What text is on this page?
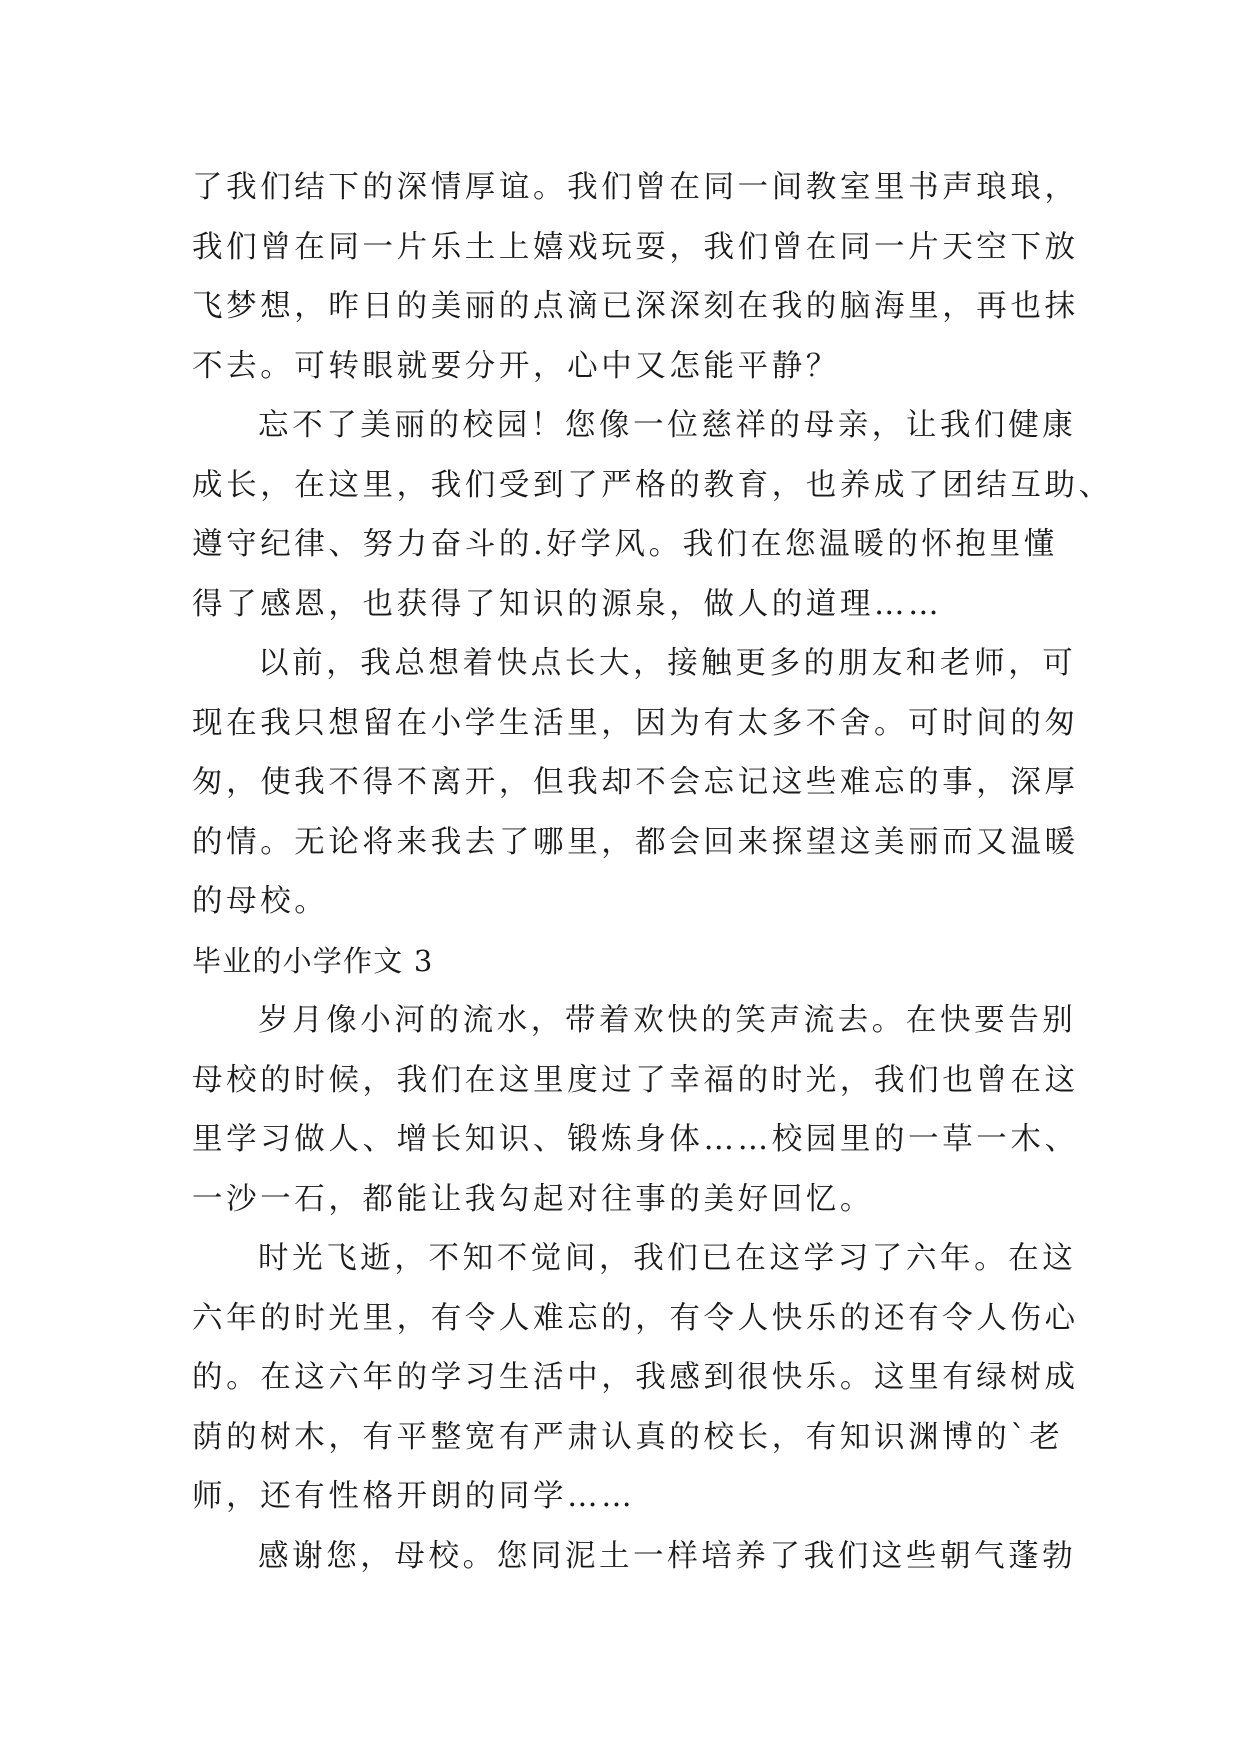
了我们结下的深情厚谊。我们曾在同一间教室里书声琅琅，
我们曾在同一片乐土上嬉戏玩耍，我们曾在同一片天空下放
飞梦想，昨日的美丽的点滴已深深刻在我的脑海里，再也抹
不去。可转眼就要分开，心中又怎能平静？
忘不了美丽的校园！您像一位慈祥的母亲，让我们健康
成长，在这里，我们受到了严格的教育，也养成了团结互助、
遵守纪律、努力奋斗的.好学风。我们在您温暖的怀抱里懂
得了感恩，也获得了知识的源泉，做人的道理……
以前，我总想着快点长大，接触更多的朋友和老师，可
现在我只想留在小学生活里，因为有太多不舍。可时间的匆
匆，使我不得不离开，但我却不会忘记这些难忘的事，深厚
的情。无论将来我去了哪里，都会回来探望这美丽而又温暖
的母校。
毕业的小学作文 3
岁月像小河的流水，带着欢快的笑声流去。在快要告别
母校的时候，我们在这里度过了幸福的时光，我们也曾在这
里学习做人、增长知识、锻炼身体……校园里的一草一木、
一沙一石，都能让我勾起对往事的美好回忆。
时光飞逝，不知不觉间，我们已在这学习了六年。在这
六年的时光里，有令人难忘的，有令人快乐的还有令人伤心
的。在这六年的学习生活中，我感到很快乐。这里有绿树成
荫的树木，有平整宽有严肃认真的校长，有知识渊博的`老
师，还有性格开朗的同学……
感谢您，母校。您同泥土一样培养了我们这些朝气蓬勃
